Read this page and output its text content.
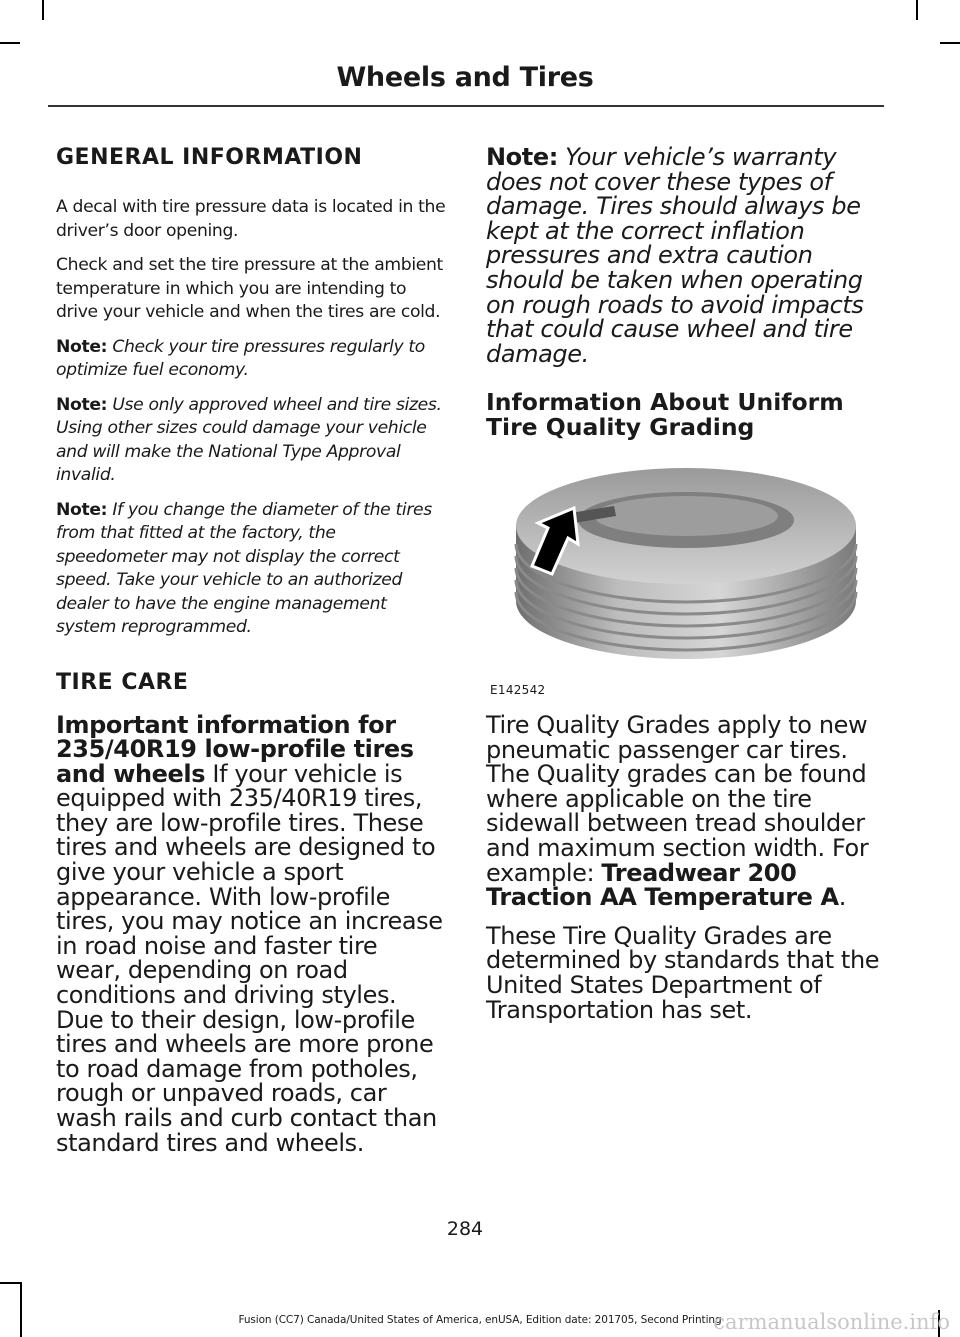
Wheels and Tires
GENERAL INFORMATION

A decal with tire pressure data is located in the driver’s door opening.

Check and set the tire pressure at the ambient temperature in which you are intending to drive your vehicle and when the tires are cold.

Note: Check your tire pressures regularly to optimize fuel economy.

Note: Use only approved wheel and tire sizes. Using other sizes could damage your vehicle and will make the National Type Approval invalid.

Note: If you change the diameter of the tires from that fitted at the factory, the speedometer may not display the correct speed. Take your vehicle to an authorized dealer to have the engine management system reprogrammed.

TIRE CARE

Important information for 235/40R19 low-profile tires and wheels If your vehicle is equipped with 235/40R19 tires, they are low-profile tires. These tires and wheels are designed to give your vehicle a sport appearance. With low-profile tires, you may notice an increase in road noise and faster tire wear, depending on road conditions and driving styles. Due to their design, low-profile tires and wheels are more prone to road damage from potholes, rough or unpaved roads, car wash rails and curb contact than standard tires and wheels.

Note: Your vehicle’s warranty does not cover these types of damage. Tires should always be kept at the correct inflation pressures and extra caution should be taken when operating on rough roads to avoid impacts that could cause wheel and tire damage.

Information About Uniform Tire Quality Grading
E142542

Tire Quality Grades apply to new pneumatic passenger car tires. The Quality grades can be found where applicable on the tire sidewall between tread shoulder and maximum section width. For example: Treadwear 200 Traction AA Temperature A.

These Tire Quality Grades are determined by standards that the United States Department of Transportation has set.

284
Fusion (CC7) Canada/United States of America, enUSA, Edition date: 201705, Second Printing
carmanualsonline.info
